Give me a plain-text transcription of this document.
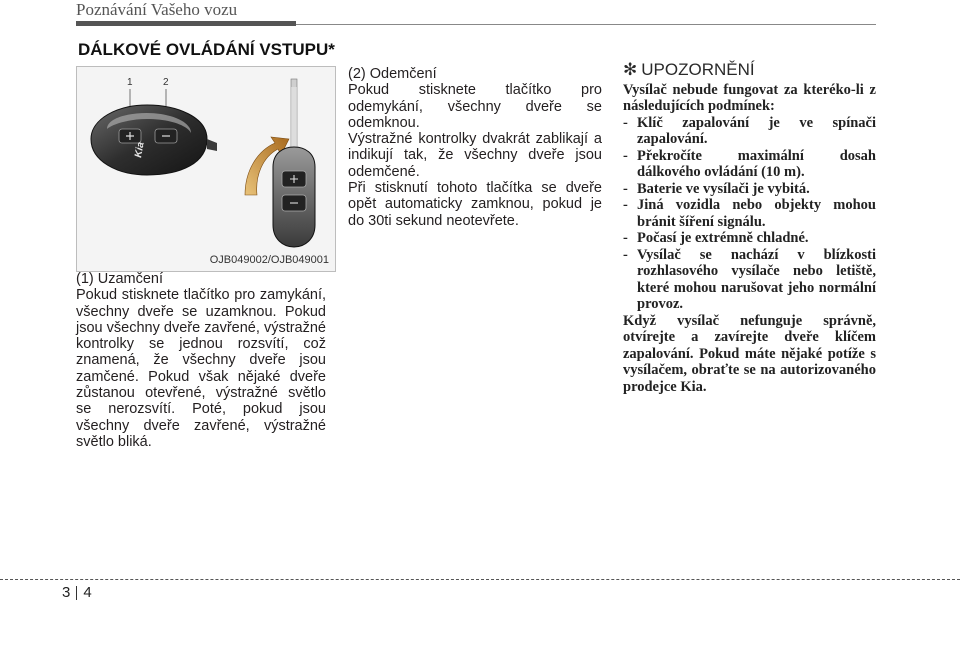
Poznávání Vašeho vozu
DÁLKOVÉ OVLÁDÁNÍ VSTUPU*
1	2
Kia
OJB049002/OJB049001

(1) Uzamčení

Pokud stisknete tlačítko pro zamykání, všechny dveře se uzamknou. Pokud jsou všechny dveře zavřené, výstražné kontrolky se jednou rozsvítí, což znamená, že všechny dveře jsou zamčené. Pokud však nějaké dveře zůstanou otevřené, výstražné světlo se nerozsvítí. Poté, pokud jsou všechny dveře zavřené, výstražné světlo bliká.

(2) Odemčení

Pokud stisknete tlačítko pro odemykání, všechny dveře se odemknou.

Výstražné kontrolky dvakrát zablikají a indikují tak, že všechny dveře jsou odemčené.

Při stisknutí tohoto tlačítka se dveře opět automaticky zamknou, pokud je do 30ti sekund neotevřete.

✻ UPOZORNĚNÍ

Vysílač nebude fungovat za kteréko-li z následujících podmínek:

- Klíč zapalování je ve spínači zapalování.
- Překročíte maximální dosah dálkového ovládání (10 m).
- Baterie ve vysílači je vybitá.
- Jiná vozidla nebo objekty mohou bránit šíření signálu.
- Počasí je extrémně chladné.
- Vysílač se nachází v blízkosti rozhlasového vysílače nebo letiště, které mohou narušovat jeho normální provoz.

Když vysílač nefunguje správně, otvírejte a zavírejte dveře klíčem zapalování. Pokud máte nějaké potíže s vysílačem, obraťte se na autorizovaného prodejce Kia.

3 4
